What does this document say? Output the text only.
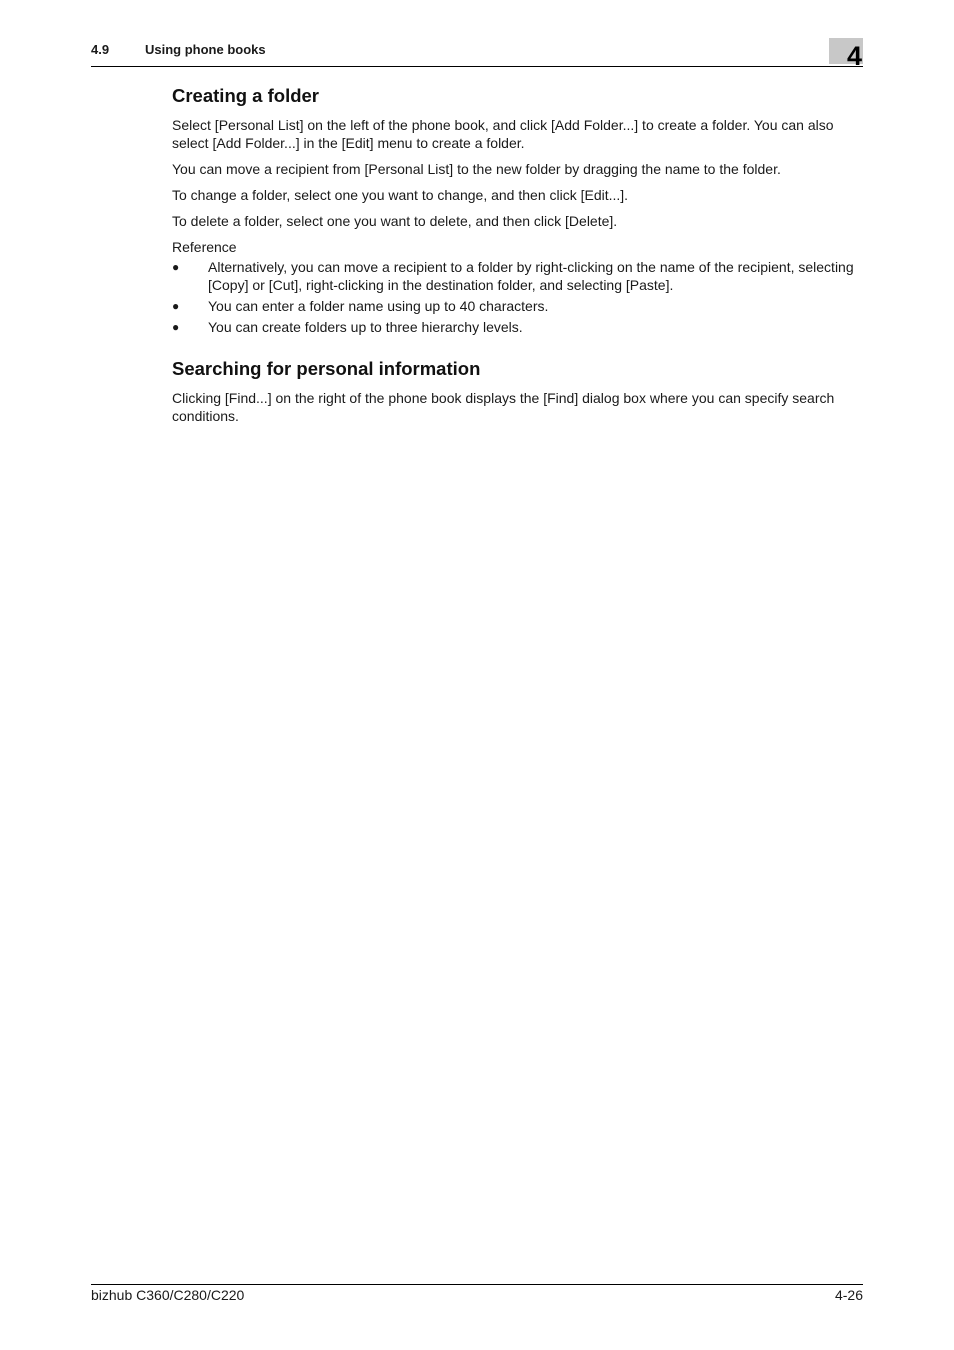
4.9	Using phone books	4
Creating a folder

Select [Personal List] on the left of the phone book, and click [Add Folder...] to create a folder. You can also select [Add Folder...] in the [Edit] menu to create a folder.

You can move a recipient from [Personal List] to the new folder by dragging the name to the folder.

To change a folder, select one you want to change, and then click [Edit...].

To delete a folder, select one you want to delete, and then click [Delete].

Reference

● Alternatively, you can move a recipient to a folder by right-clicking on the name of the recipient, selecting [Copy] or [Cut], right-clicking in the destination folder, and selecting [Paste].
● You can enter a folder name using up to 40 characters.
● You can create folders up to three hierarchy levels.
Searching for personal information

Clicking [Find...] on the right of the phone book displays the [Find] dialog box where you can specify search conditions.

bizhub C360/C280/C220	4-26
